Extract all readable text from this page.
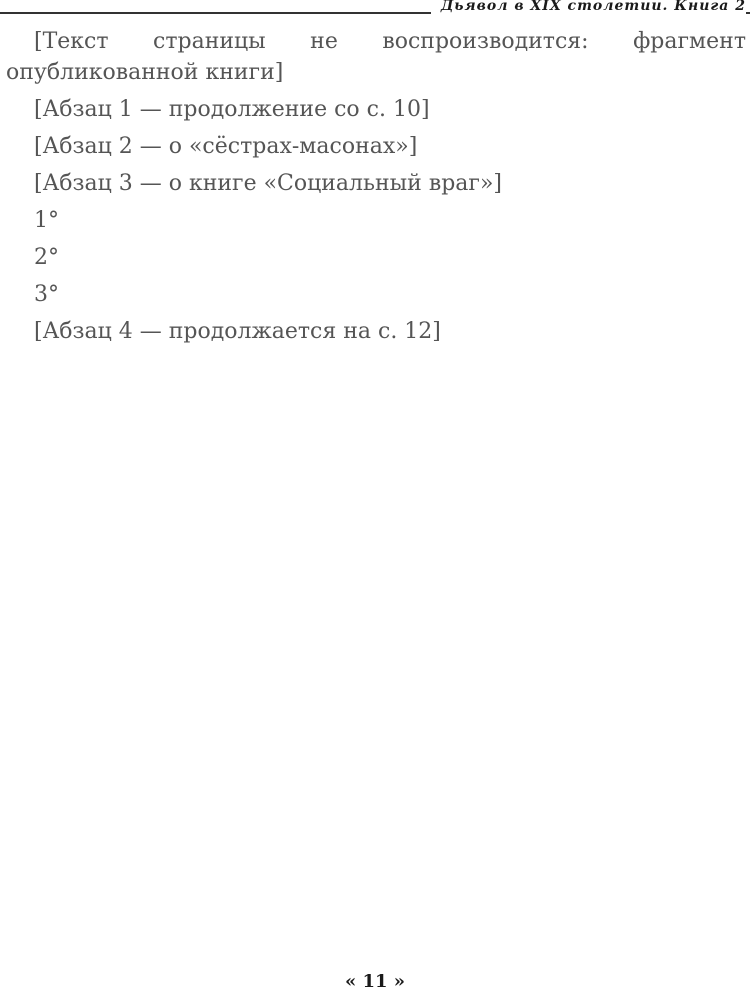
Дьявол в XIX столетии. Книга 2

[Текст страницы не воспроизводится: фрагмент опубликованной книги]

[Абзац 1 — продолжение со с. 10]

[Абзац 2 — о «сёстрах-масонах»]

[Абзац 3 — о книге «Социальный враг»]

1°

2°

3°

[Абзац 4 — продолжается на с. 12]

« 11 »
